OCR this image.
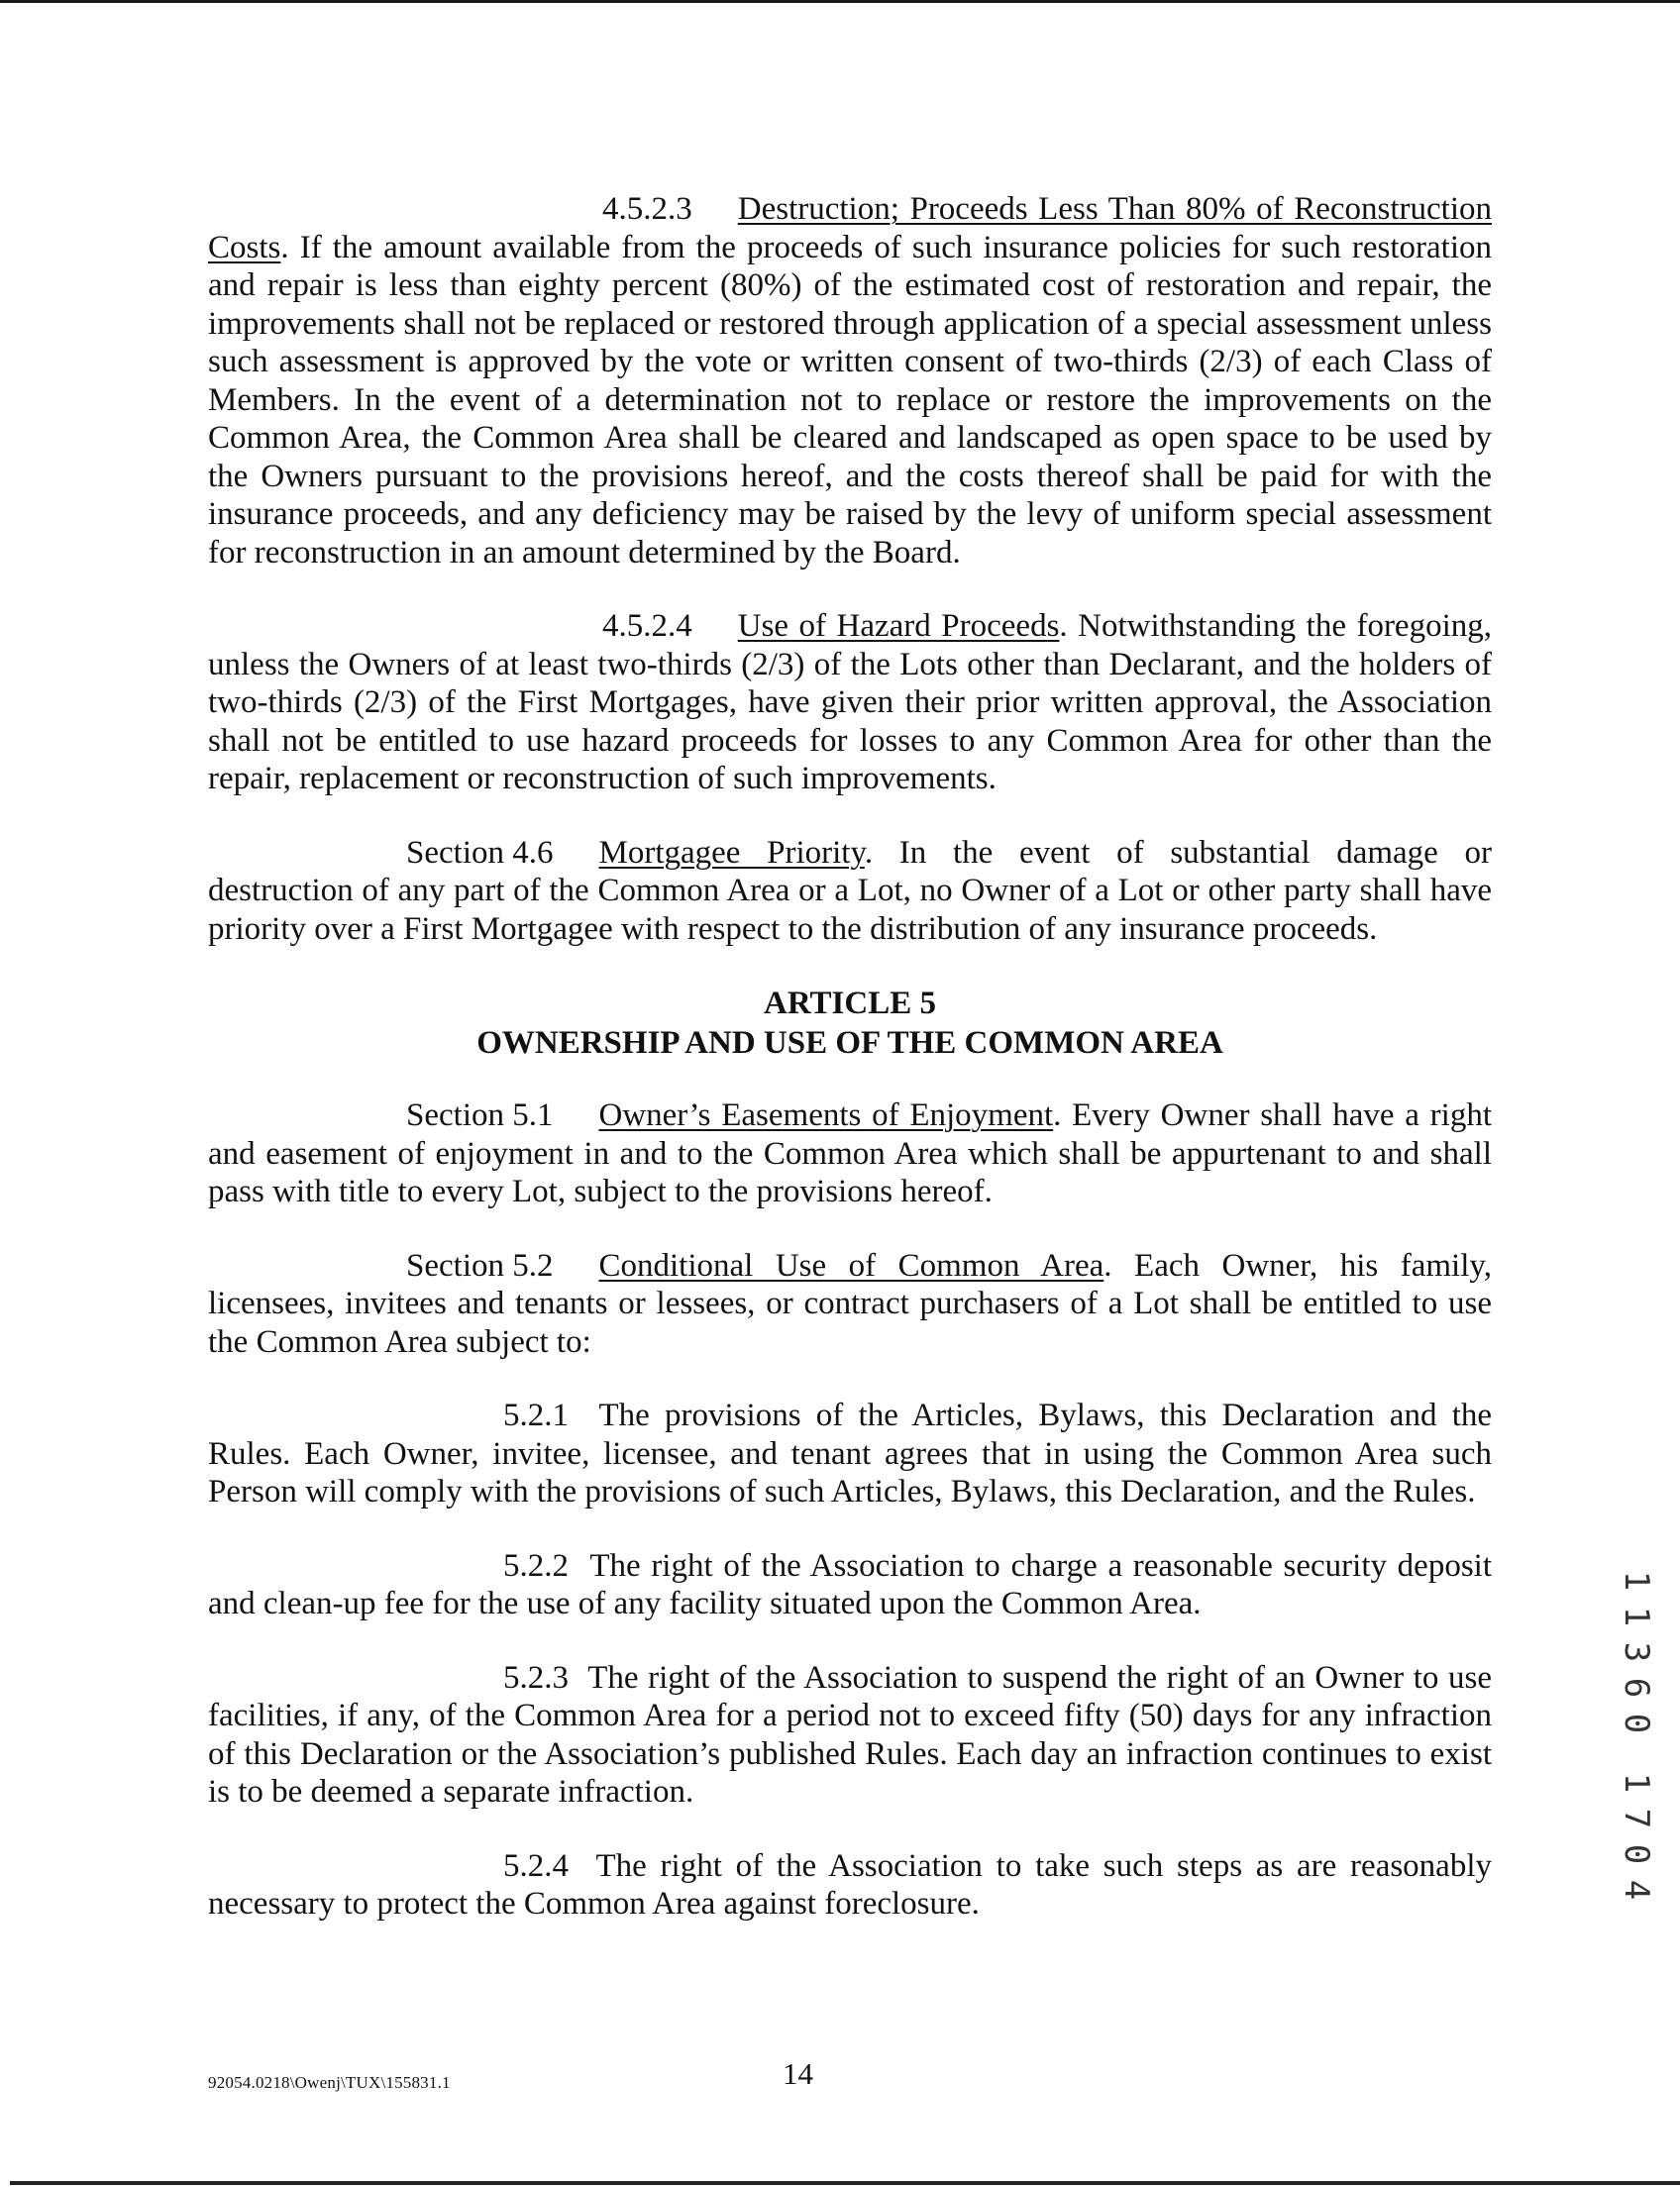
4.5.2.3 Destruction; Proceeds Less Than 80% of Reconstruction Costs. If the amount available from the proceeds of such insurance policies for such restoration and repair is less than eighty percent (80%) of the estimated cost of restoration and repair, the improvements shall not be replaced or restored through application of a special assessment unless such assessment is approved by the vote or written consent of two-thirds (2/3) of each Class of Members. In the event of a determination not to replace or restore the improvements on the Common Area, the Common Area shall be cleared and landscaped as open space to be used by the Owners pursuant to the provisions hereof, and the costs thereof shall be paid for with the insurance proceeds, and any deficiency may be raised by the levy of uniform special assessment for reconstruction in an amount determined by the Board.

4.5.2.4 Use of Hazard Proceeds. Notwithstanding the foregoing, unless the Owners of at least two-thirds (2/3) of the Lots other than Declarant, and the holders of two-thirds (2/3) of the First Mortgages, have given their prior written approval, the Association shall not be entitled to use hazard proceeds for losses to any Common Area for other than the repair, replacement or reconstruction of such improvements.

Section 4.6 Mortgagee Priority. In the event of substantial damage or destruction of any part of the Common Area or a Lot, no Owner of a Lot or other party shall have priority over a First Mortgagee with respect to the distribution of any insurance proceeds.

ARTICLE 5
OWNERSHIP AND USE OF THE COMMON AREA

Section 5.1 Owner’s Easements of Enjoyment. Every Owner shall have a right and easement of enjoyment in and to the Common Area which shall be appurtenant to and shall pass with title to every Lot, subject to the provisions hereof.

Section 5.2 Conditional Use of Common Area. Each Owner, his family, licensees, invitees and tenants or lessees, or contract purchasers of a Lot shall be entitled to use the Common Area subject to:

5.2.1 The provisions of the Articles, Bylaws, this Declaration and the Rules. Each Owner, invitee, licensee, and tenant agrees that in using the Common Area such Person will comply with the provisions of such Articles, Bylaws, this Declaration, and the Rules.

5.2.2 The right of the Association to charge a reasonable security deposit and clean-up fee for the use of any facility situated upon the Common Area.

5.2.3 The right of the Association to suspend the right of an Owner to use facilities, if any, of the Common Area for a period not to exceed fifty (50) days for any infraction of this Declaration or the Association’s published Rules. Each day an infraction continues to exist is to be deemed a separate infraction.

5.2.4 The right of the Association to take such steps as are reasonably necessary to protect the Common Area against foreclosure.

1
1
3
6
0
1
7
0
4
92054.0218\Owenj\TUX\155831.1	14
